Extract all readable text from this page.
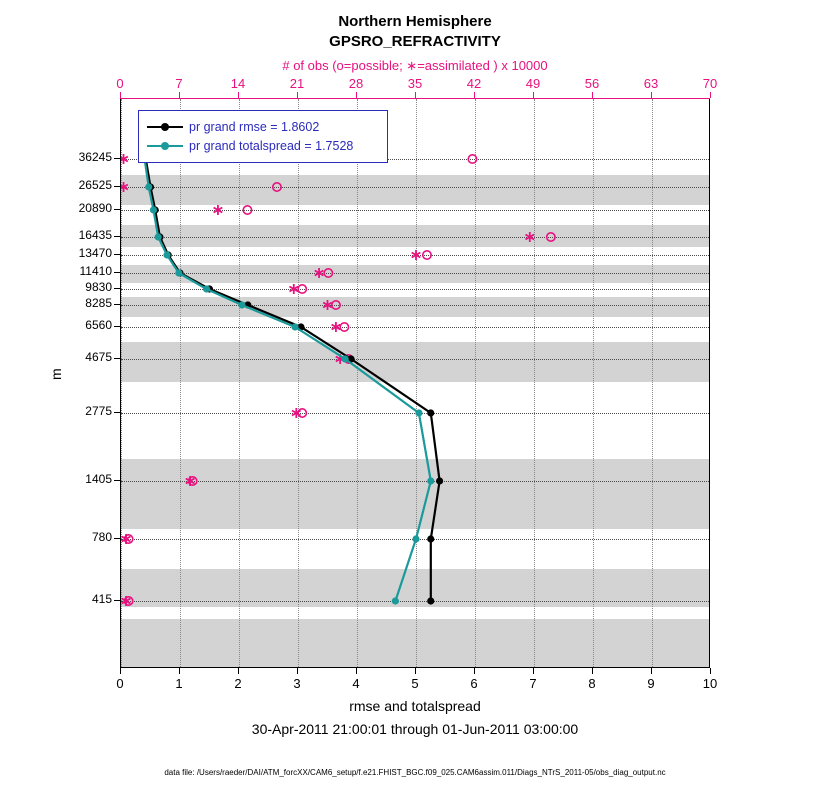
Northern Hemisphere
GPSRO_REFRACTIVITY
# of obs (o=possible; ∗=assimilated ) x 10000
m
pr grand rmse = 1.8602
pr grand totalspread = 1.7528
rmse and totalspread
30-Apr-2011 21:00:01 through 01-Jun-2011 03:00:00
data file: /Users/raeder/DAI/ATM_forcXX/CAM6_setup/f.e21.FHIST_BGC.f09_025.CAM6assim.011/Diags_NTrS_2011-05/obs_diag_output.nc
36245
26525
20890
16435
13470
11410
9830
8285
6560
4675
2775
1405
780
415
0	1	2	3	4	5	6	7	8	9	10
0	7	14	21	28	35	42	49	56	63	70
